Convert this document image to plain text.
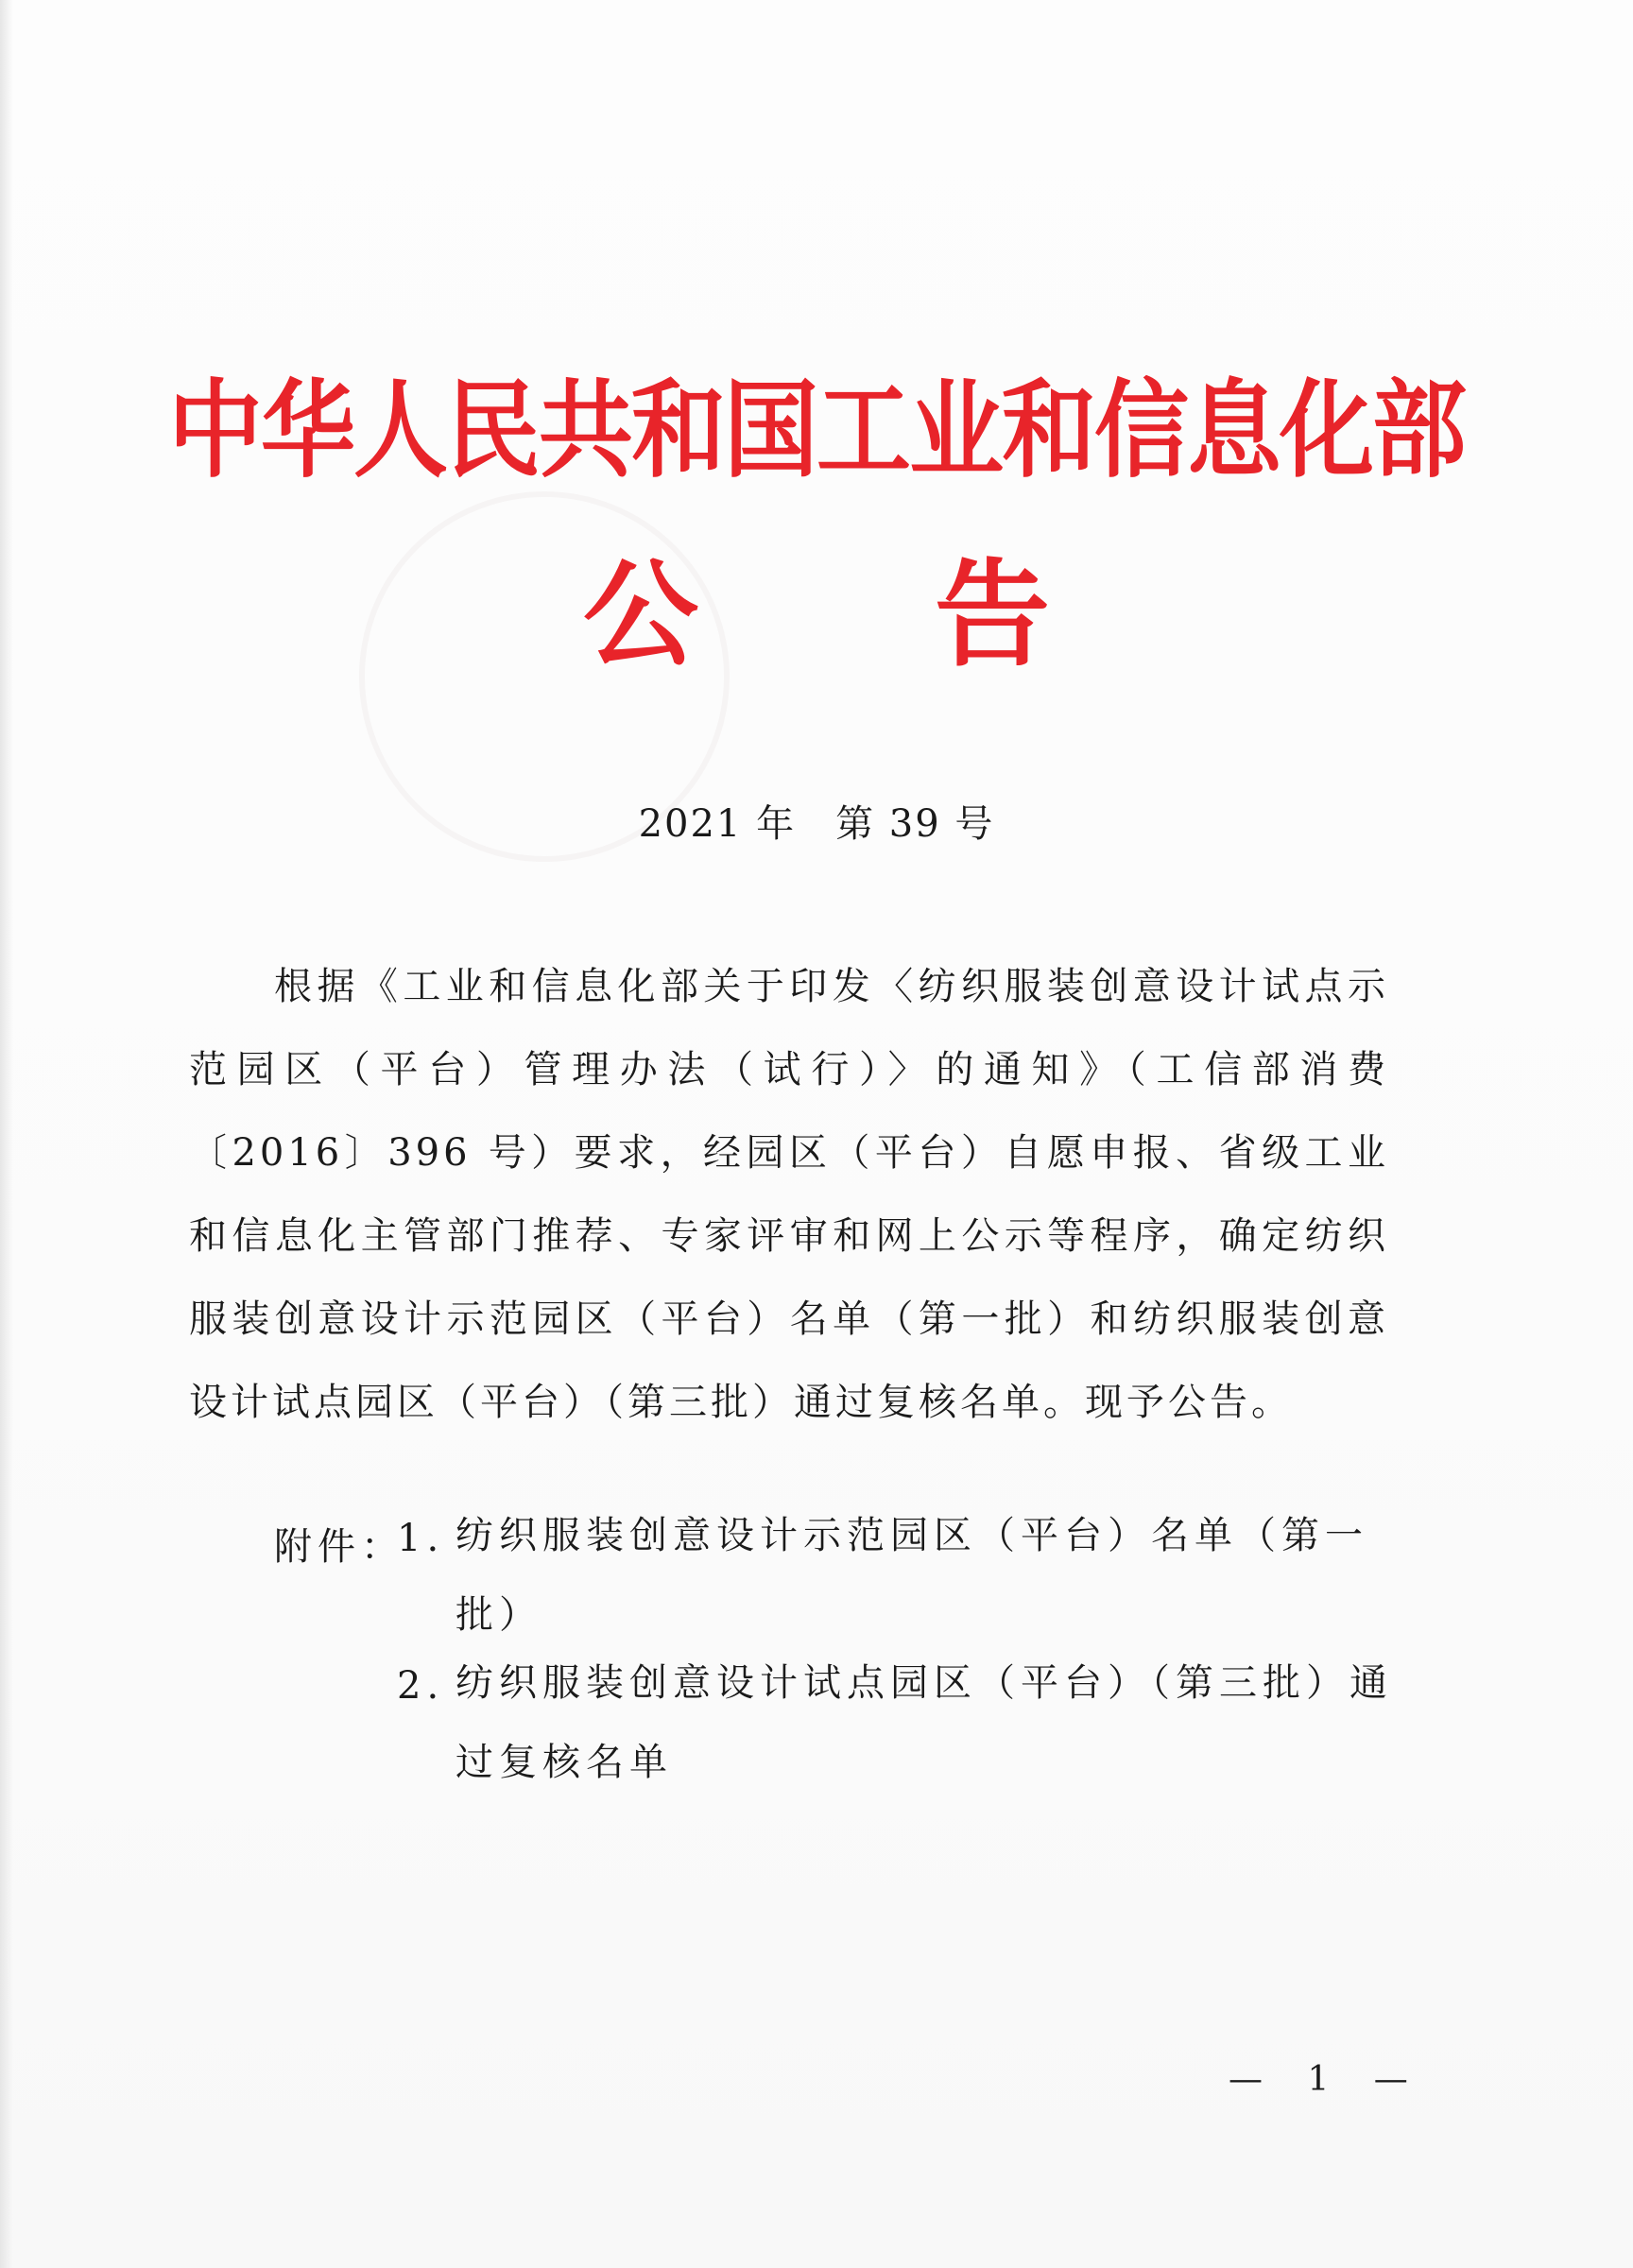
中华人民共和国工业和信息化部
公告
2021 年　第 39 号

根据《工业和信息化部关于印发〈纺织服装创意设计试点示范园区（平台）管理办法（试行）〉的通知》（工信部消费〔2016〕396 号）要求，经园区（平台）自愿申报、省级工业和信息化主管部门推荐、专家评审和网上公示等程序，确定纺织服装创意设计示范园区（平台）名单（第一批）和纺织服装创意设计试点园区（平台）（第三批）通过复核名单。现予公告。

附件：
1. 纺织服装创意设计示范园区（平台）名单（第一批）
2. 纺织服装创意设计试点园区（平台）（第三批）通过复核名单
— 1 —
